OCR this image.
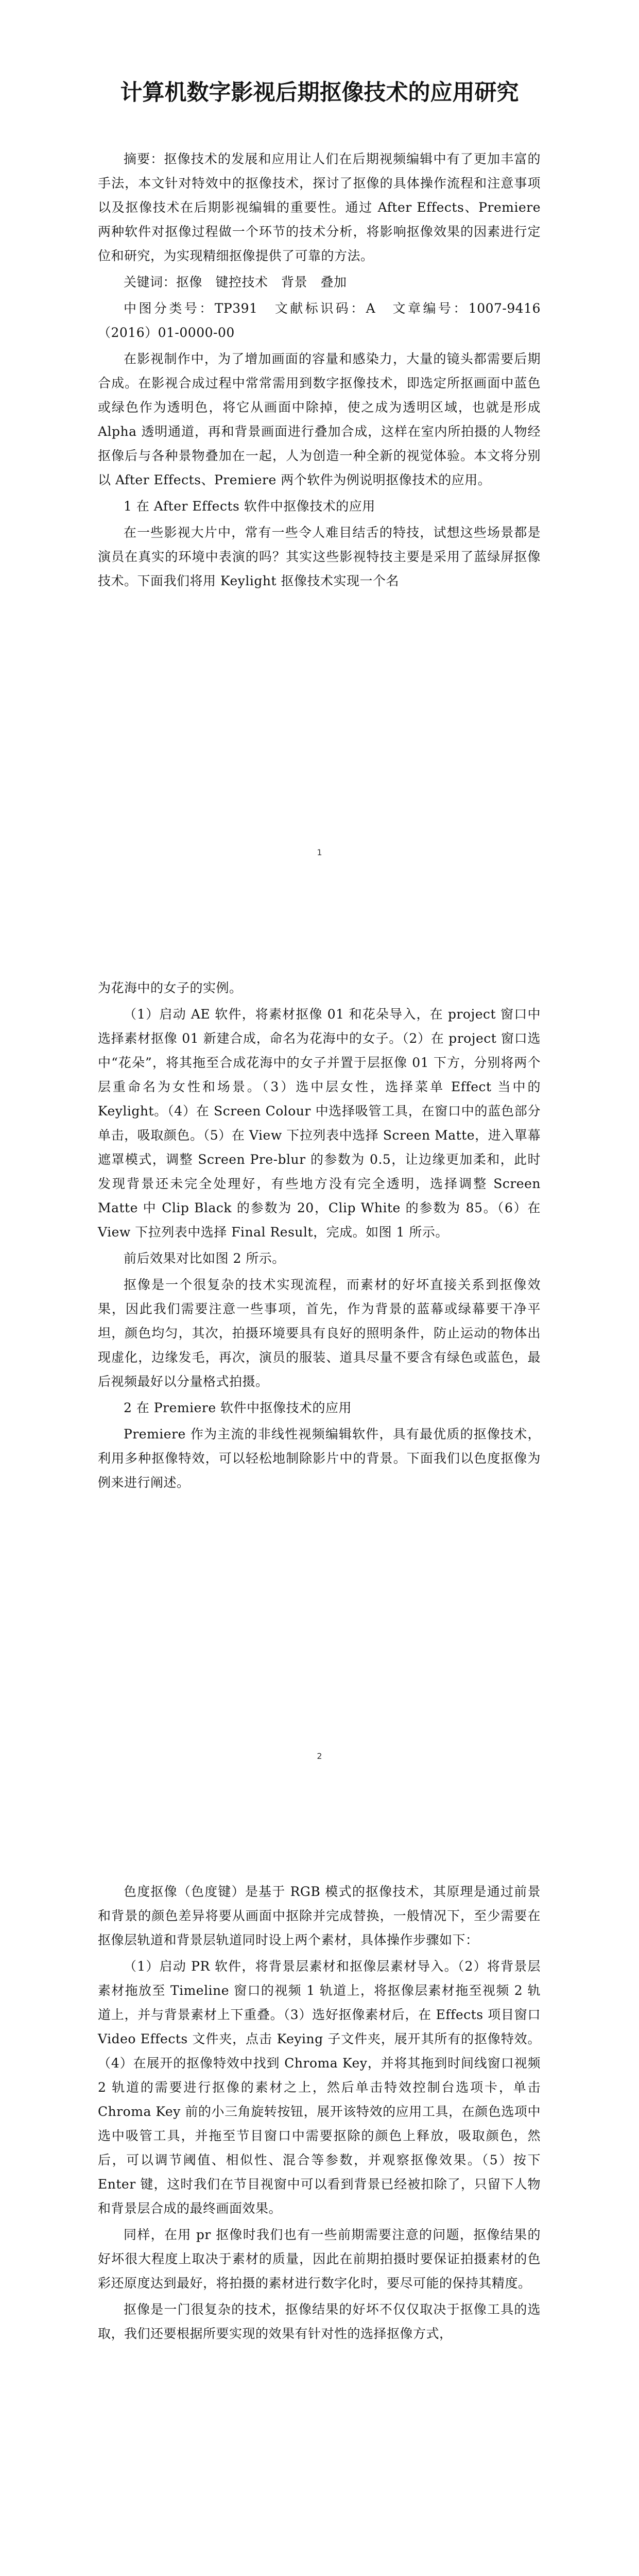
计算机数字影视后期抠像技术的应用研究

摘要：抠像技术的发展和应用让人们在后期视频编辑中有了更加丰富的手法，本文针对特效中的抠像技术，探讨了抠像的具体操作流程和注意事项以及抠像技术在后期影视编辑的重要性。通过 After Effects、Premiere 两种软件对抠像过程做一个环节的技术分析，将影响抠像效果的因素进行定位和研究，为实现精细抠像提供了可靠的方法。

关键词：抠像　键控技术　背景　叠加

中图分类号：TP391　文献标识码：A　文章编号：1007-9416（2016）01-0000-00

在影视制作中，为了增加画面的容量和感染力，大量的镜头都需要后期合成。在影视合成过程中常常需用到数字抠像技术，即选定所抠画面中蓝色或绿色作为透明色，将它从画面中除掉，使之成为透明区域，也就是形成 Alpha 透明通道，再和背景画面进行叠加合成，这样在室内所拍摄的人物经抠像后与各种景物叠加在一起，人为创造一种全新的视觉体验。本文将分别以 After Effects、Premiere 两个软件为例说明抠像技术的应用。

1 在 After Effects 软件中抠像技术的应用

在一些影视大片中，常有一些令人难目结舌的特技，试想这些场景都是演员在真实的环境中表演的吗？其实这些影视特技主要是采用了蓝绿屏抠像技术。下面我们将用 Keylight 抠像技术实现一个名

1

为花海中的女子的实例。

（1）启动 AE 软件，将素材抠像 01 和花朵导入，在 project 窗口中选择素材抠像 01 新建合成，命名为花海中的女子。（2）在 project 窗口选中“花朵”，将其拖至合成花海中的女子并置于层抠像 01 下方，分别将两个层重命名为女性和场景。（3）选中层女性，选择菜单 Effect 当中的 Keylight。（4）在 Screen Colour 中选择吸管工具，在窗口中的蓝色部分单击，吸取颜色。（5）在 View 下拉列表中选择 Screen Matte，进入單幕遮罩模式，调整 Screen Pre-blur 的参数为 0.5，让边缘更加柔和，此时发现背景还未完全处理好，有些地方没有完全透明，选择调整 Screen Matte 中 Clip Black 的参数为 20，Clip White 的参数为 85。（6）在 View 下拉列表中选择 Final Result，完成。如图 1 所示。

前后效果对比如图 2 所示。

抠像是一个很复杂的技术实现流程，而素材的好坏直接关系到抠像效果，因此我们需要注意一些事项，首先，作为背景的蓝幕或绿幕要干净平坦，颜色均匀，其次，拍摄环境要具有良好的照明条件，防止运动的物体出现虚化，边缘发毛，再次，演员的服装、道具尽量不要含有绿色或蓝色，最后视频最好以分量格式拍摄。

2 在 Premiere 软件中抠像技术的应用

Premiere 作为主流的非线性视频编辑软件，具有最优质的抠像技术，利用多种抠像特效，可以轻松地制除影片中的背景。下面我们以色度抠像为例来进行阐述。

2

色度抠像（色度键）是基于 RGB 模式的抠像技术，其原理是通过前景和背景的颜色差异将要从画面中抠除并完成替换，一般情况下，至少需要在抠像层轨道和背景层轨道同时设上两个素材，具体操作步骤如下：

（1）启动 PR 软件，将背景层素材和抠像层素材导入。（2）将背景层素材拖放至 Timeline 窗口的视频 1 轨道上，将抠像层素材拖至视频 2 轨道上，并与背景素材上下重叠。（3）选好抠像素材后，在 Effects 项目窗口 Video Effects 文件夹，点击 Keying 子文件夹，展开其所有的抠像特效。（4）在展开的抠像特效中找到 Chroma Key，并将其拖到时间线窗口视频 2 轨道的需要进行抠像的素材之上，然后单击特效控制台选项卡，单击 Chroma Key 前的小三角旋转按钮，展开该特效的应用工具，在颜色选项中选中吸管工具，并拖至节目窗口中需要抠除的颜色上释放，吸取颜色，然后，可以调节阈值、相似性、混合等参数，并观察抠像效果。（5）按下 Enter 键，这时我们在节目视窗中可以看到背景已经被扣除了，只留下人物和背景层合成的最终画面效果。

同样，在用 pr 抠像时我们也有一些前期需要注意的问题，抠像结果的好坏很大程度上取决于素材的质量，因此在前期拍摄时要保证拍摄素材的色彩还原度达到最好，将拍摄的素材进行数字化时，要尽可能的保持其精度。

抠像是一门很复杂的技术，抠像结果的好坏不仅仅取决于抠像工具的选取，我们还要根据所要实现的效果有针对性的选择抠像方式，
